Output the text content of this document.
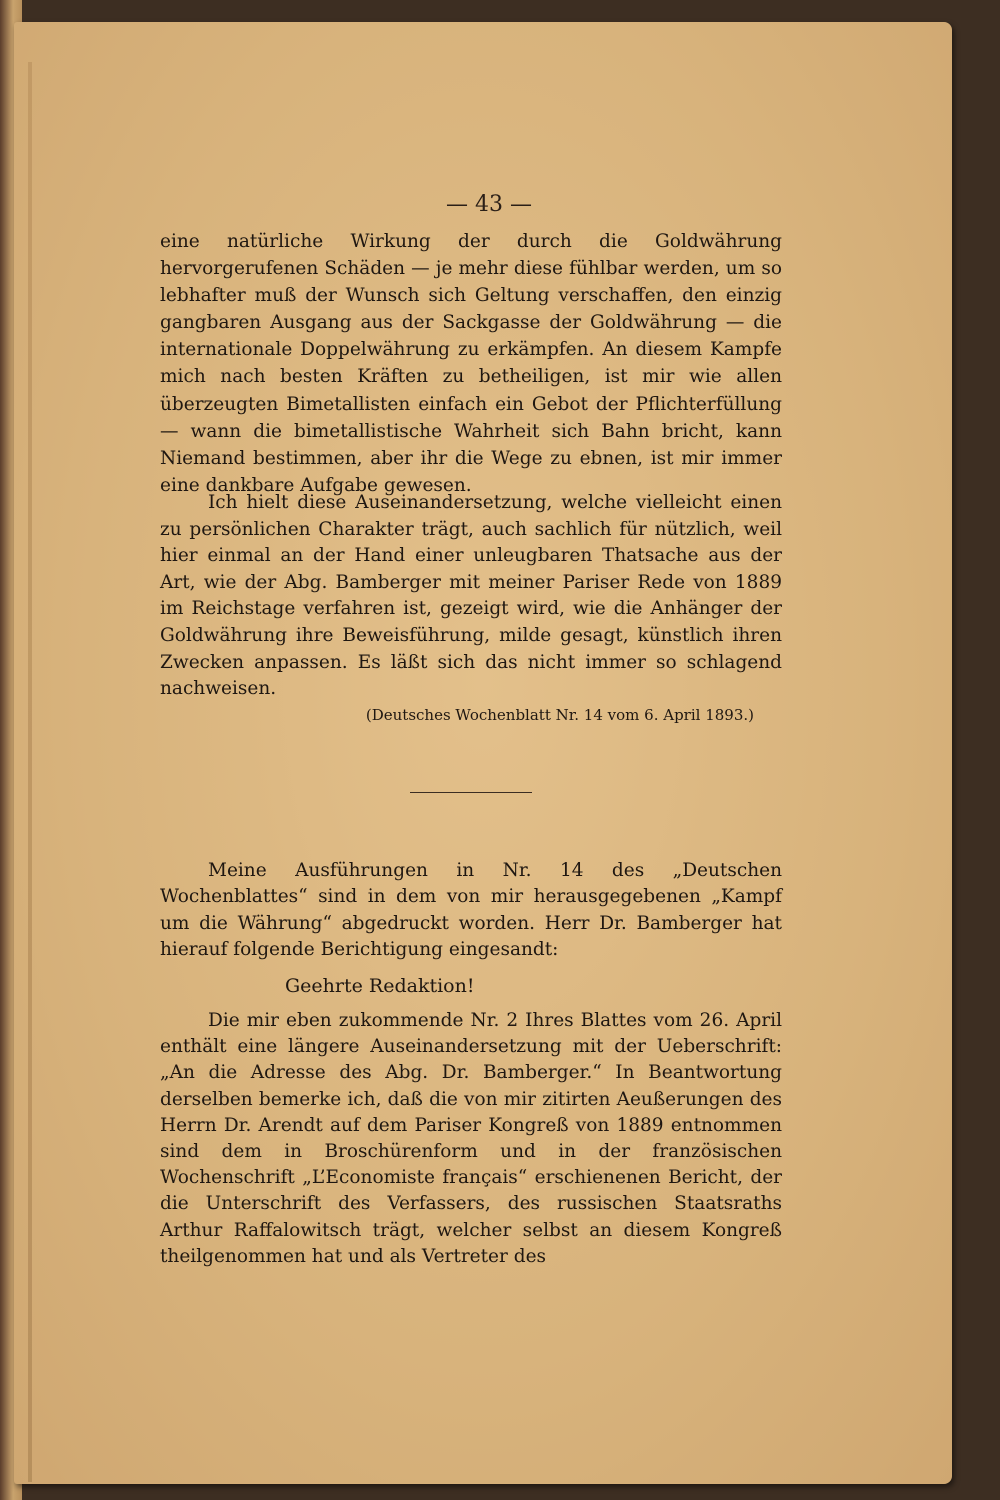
— 43 —

eine natürliche Wirkung der durch die Goldwährung hervorgerufenen Schäden — je mehr diese fühlbar werden, um so lebhafter muß der Wunsch sich Geltung verschaffen, den einzig gangbaren Ausgang aus der Sackgasse der Goldwährung — die internationale Doppelwährung zu erkämpfen. An diesem Kampfe mich nach besten Kräften zu betheiligen, ist mir wie allen überzeugten Bimetallisten einfach ein Gebot der Pflichterfüllung — wann die bimetallistische Wahrheit sich Bahn bricht, kann Niemand bestimmen, aber ihr die Wege zu ebnen, ist mir immer eine dankbare Aufgabe gewesen.

Ich hielt diese Auseinandersetzung, welche vielleicht einen zu persönlichen Charakter trägt, auch sachlich für nützlich, weil hier einmal an der Hand einer unleugbaren Thatsache aus der Art, wie der Abg. Bamberger mit meiner Pariser Rede von 1889 im Reichstage verfahren ist, gezeigt wird, wie die Anhänger der Goldwährung ihre Beweisführung, milde gesagt, künstlich ihren Zwecken anpassen. Es läßt sich das nicht immer so schlagend nachweisen.

(Deutsches Wochenblatt Nr. 14 vom 6. April 1893.)

Meine Ausführungen in Nr. 14 des „Deutschen Wochenblattes“ sind in dem von mir herausgegebenen „Kampf um die Währung“ abgedruckt worden. Herr Dr. Bamberger hat hierauf folgende Berichtigung eingesandt:

Geehrte Redaktion!

Die mir eben zukommende Nr. 2 Ihres Blattes vom 26. April enthält eine längere Auseinandersetzung mit der Ueberschrift: „An die Adresse des Abg. Dr. Bamberger.“ In Beantwortung derselben bemerke ich, daß die von mir zitirten Aeußerungen des Herrn Dr. Arendt auf dem Pariser Kongreß von 1889 entnommen sind dem in Broschürenform und in der französischen Wochenschrift „L’Economiste français“ erschienenen Bericht, der die Unterschrift des Verfassers, des russischen Staatsraths Arthur Raffalowitsch trägt, welcher selbst an diesem Kongreß theilgenommen hat und als Vertreter des
